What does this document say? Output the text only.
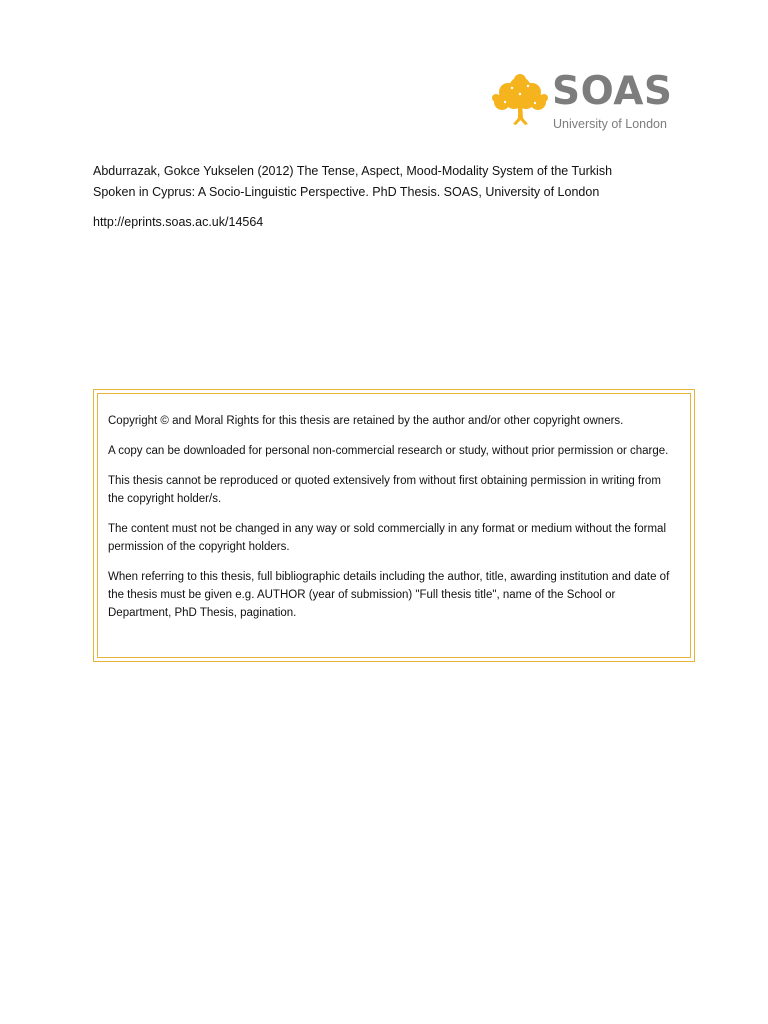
SOAS
University of London
Abdurrazak, Gokce Yukselen (2012) The Tense, Aspect, Mood-Modality System of the Turkish
Spoken in Cyprus: A Socio-Linguistic Perspective. PhD Thesis. SOAS, University of London
http://eprints.soas.ac.uk/14564

Copyright © and Moral Rights for this thesis are retained by the author and/or other copyright owners.

A copy can be downloaded for personal non-commercial research or study, without prior permission or charge.

This thesis cannot be reproduced or quoted extensively from without first obtaining permission in writing from the copyright holder/s.

The content must not be changed in any way or sold commercially in any format or medium without the formal permission of the copyright holders.

When referring to this thesis, full bibliographic details including the author, title, awarding institution and date of the thesis must be given e.g. AUTHOR (year of submission) "Full thesis title", name of the School or Department, PhD Thesis, pagination.
